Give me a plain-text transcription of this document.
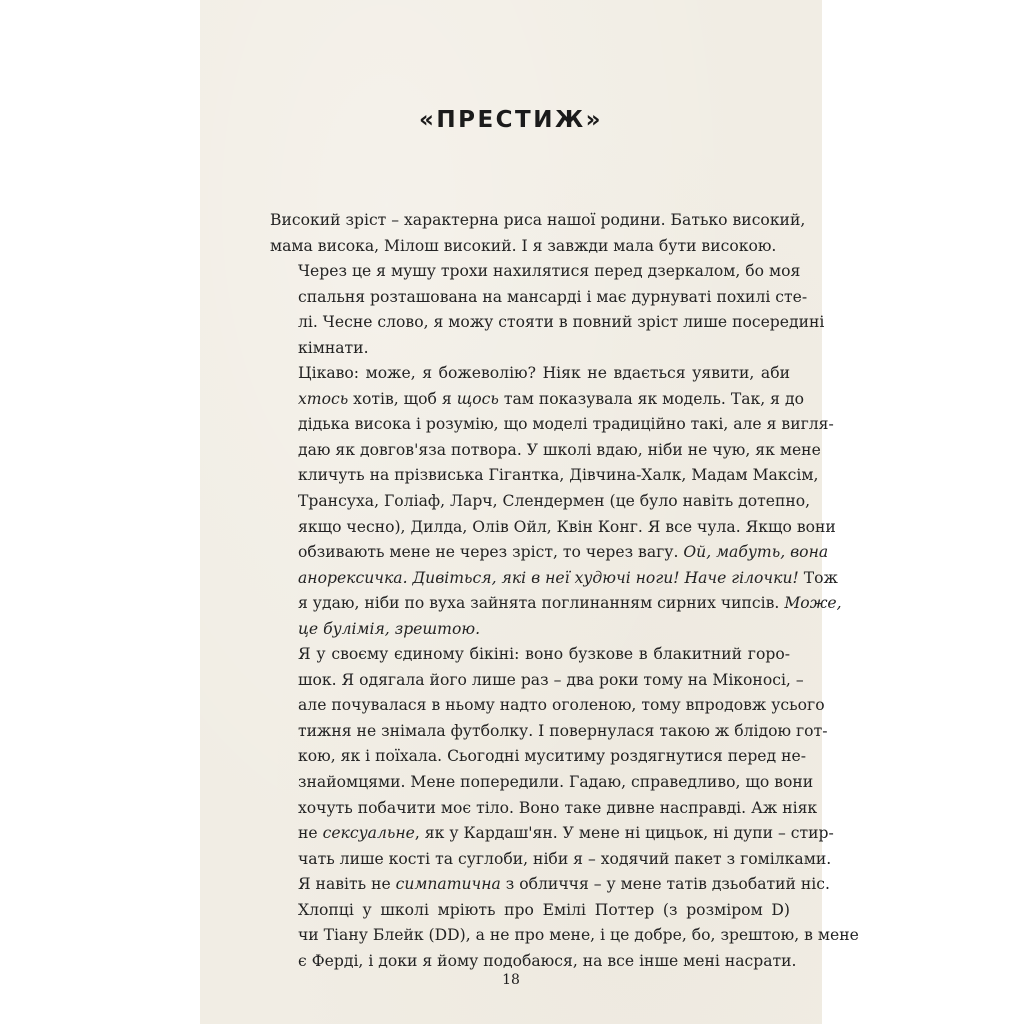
«ПРЕСТИЖ»

Високий зріст – характерна риса нашої родини. Батько високий,
мама висока, Мілош високий. І я завжди мала бути високою.

Через це я мушу трохи нахилятися перед дзеркалом, бо моя
спальня розташована на мансарді і має дурнуваті похилі сте-
лі. Чесне слово, я можу стояти в повний зріст лише посередині
кімнати.

Цікаво: може, я божеволію? Ніяк не вдається уявити, аби
хтось хотів, щоб я щось там показувала як модель. Так, я до
дідька висока і розумію, що моделі традиційно такі, але я вигля-
даю як довгов'яза потвора. У школі вдаю, ніби не чую, як мене
кличуть на прізвиська Гігантка, Дівчина-Халк, Мадам Максім,
Трансуха, Голіаф, Ларч, Слендермен (це було навіть дотепно,
якщо чесно), Дилда, Олів Ойл, Квін Конг. Я все чула. Якщо вони
обзивають мене не через зріст, то через вагу. Ой, мабуть, вона
анорексичка. Дивіться, які в неї худючі ноги! Наче гілочки! Тож
я удаю, ніби по вуха зайнята поглинанням сирних чипсів. Може,
це булімія, зрештою.

Я у своєму єдиному бікіні: воно бузкове в блакитний горо-
шок. Я одягала його лише раз – два роки тому на Міконосі, –
але почувалася в ньому надто оголеною, тому впродовж усього
тижня не знімала футболку. І повернулася такою ж блідою гот-
кою, як і поїхала. Сьогодні муситиму роздягнутися перед не-
знайомцями. Мене попередили. Гадаю, справедливо, що вони
хочуть побачити моє тіло. Воно таке дивне насправді. Аж ніяк
не сексуальне, як у Кардаш'ян. У мене ні цицьок, ні дупи – стир-
чать лише кості та суглоби, ніби я – ходячий пакет з гомілками.
Я навіть не симпатична з обличчя – у мене татів дзьобатий ніс.

Хлопці у школі мріють про Емілі Поттер (з розміром D)
чи Тіану Блейк (DD), а не про мене, і це добре, бо, зрештою, в мене
є Ферді, і доки я йому подобаюся, на все інше мені насрати.

18
